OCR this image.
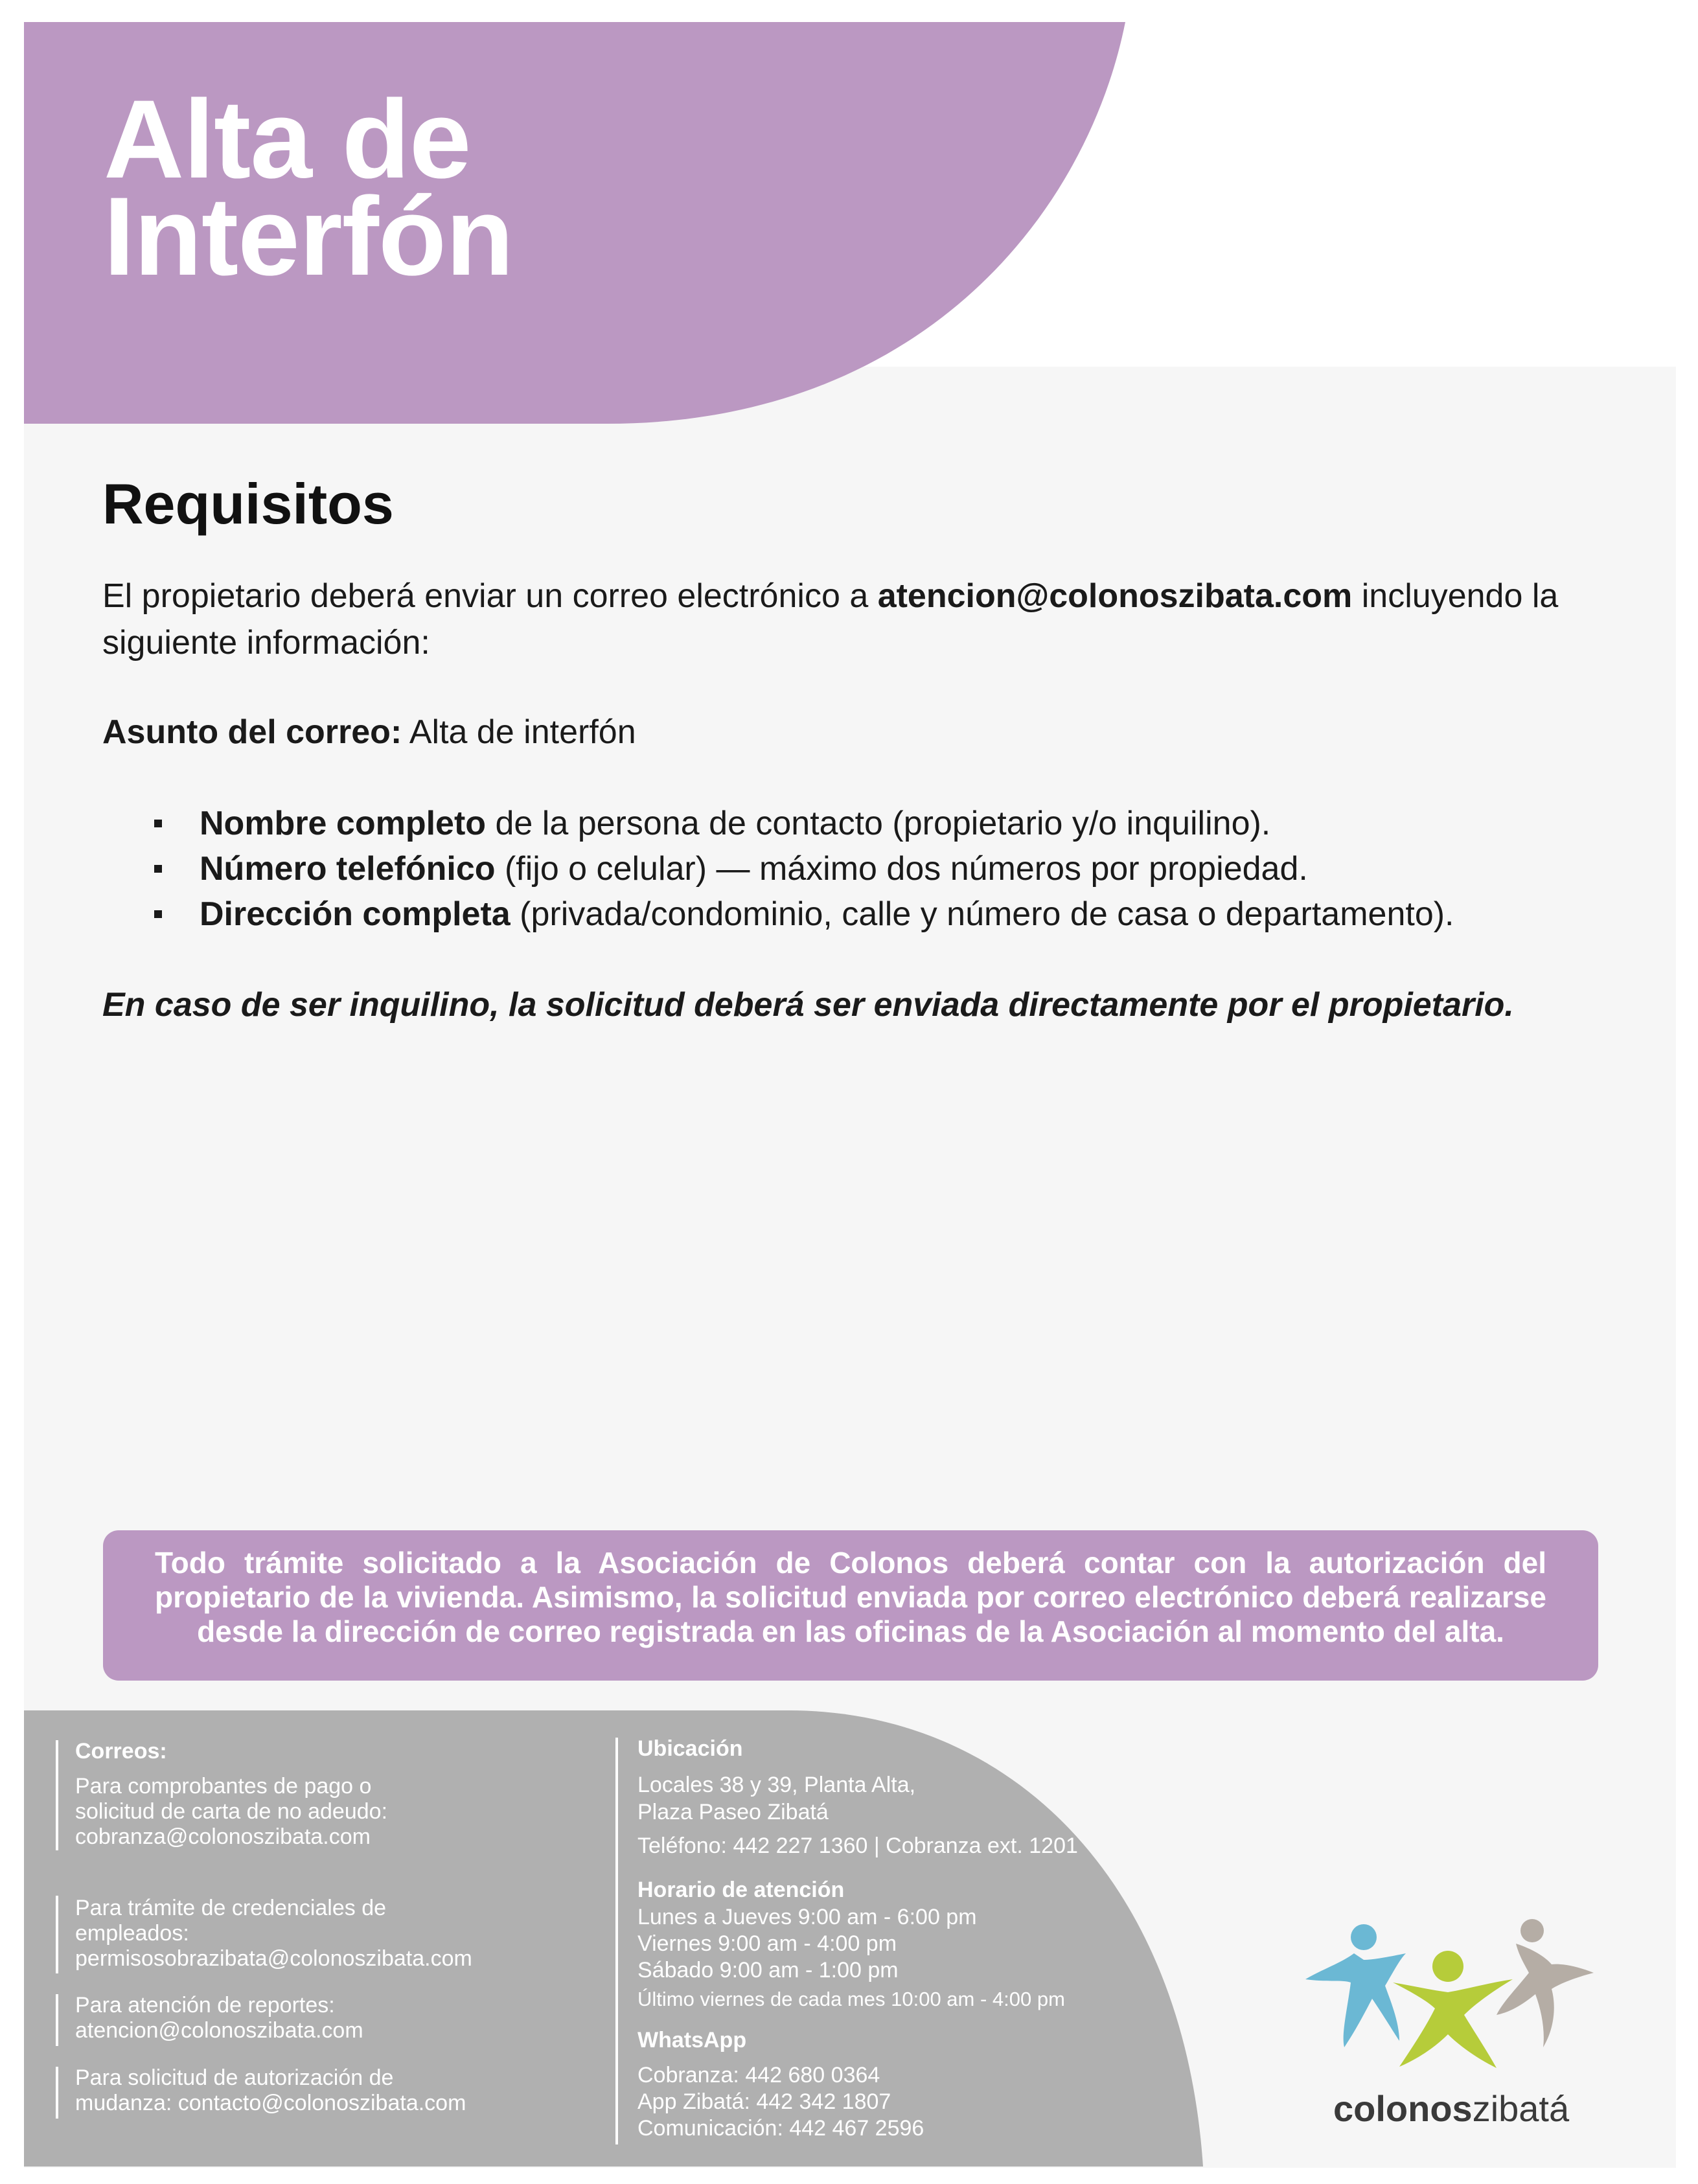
Alta de
Interfón
Requisitos

El propietario deberá enviar un correo electrónico a atencion@colonoszibata.com incluyendo la siguiente información:

Asunto del correo: Alta de interfón

Nombre completo de la persona de contacto (propietario y/o inquilino).
Número telefónico (fijo o celular) — máximo dos números por propiedad.
Dirección completa (privada/condominio, calle y número de casa o departamento).

En caso de ser inquilino, la solicitud deberá ser enviada directamente por el propietario.

Todo trámite solicitado a la Asociación de Colonos deberá contar con la autorización del propietario de la vivienda. Asimismo, la solicitud enviada por correo electrónico deberá realizarse desde la dirección de correo registrada en las oficinas de la Asociación al momento del alta.

Correos:
Para comprobantes de pago o
solicitud de carta de no adeudo:
cobranza@colonoszibata.com
Para trámite de credenciales de
empleados:
permisosobrazibata@colonoszibata.com
Para atención de reportes:
atencion@colonoszibata.com
Para solicitud de autorización de
mudanza: contacto@colonoszibata.com
Ubicación
Locales 38 y 39, Planta Alta,
Plaza Paseo Zibatá
Teléfono: 442 227 1360 | Cobranza ext. 1201
Horario de atención
Lunes a Jueves 9:00 am - 6:00 pm
Viernes 9:00 am - 4:00 pm
Sábado 9:00 am - 1:00 pm
Último viernes de cada mes 10:00 am - 4:00 pm
WhatsApp
Cobranza: 442 680 0364
App Zibatá: 442 342 1807
Comunicación: 442 467 2596	colonoszibatá
